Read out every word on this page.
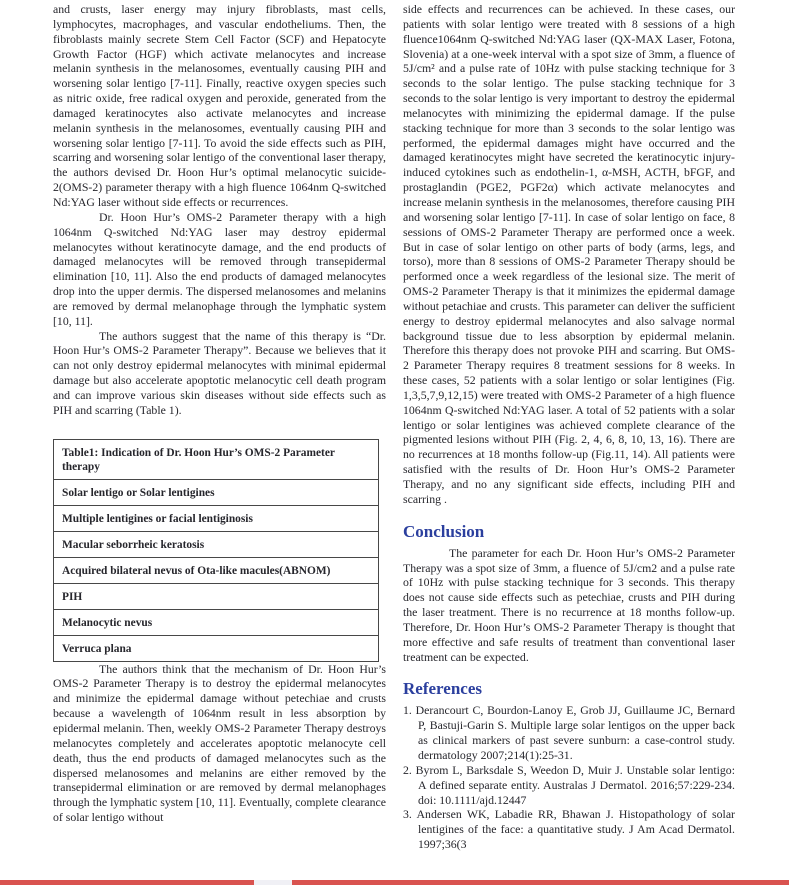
and crusts, laser energy may injury fibroblasts, mast cells, lymphocytes, macrophages, and vascular endotheliums. Then, the fibroblasts mainly secrete Stem Cell Factor (SCF) and Hepatocyte Growth Factor (HGF) which activate melanocytes and increase melanin synthesis in the melanosomes, eventually causing PIH and worsening solar lentigo [7-11]. Finally, reactive oxygen species such as nitric oxide, free radical oxygen and peroxide, generated from the damaged keratinocytes also activate melanocytes and increase melanin synthesis in the melanosomes, eventually causing PIH and worsening solar lentigo [7-11]. To avoid the side effects such as PIH, scarring and worsening solar lentigo of the conventional laser therapy, the authors devised Dr. Hoon Hur’s optimal melanocytic suicide-2(OMS-2) parameter therapy with a high fluence 1064nm Q-switched Nd:YAG laser without side effects or recurrences.

Dr. Hoon Hur’s OMS-2 Parameter therapy with a high 1064nm Q-switched Nd:YAG laser may destroy epidermal melanocytes without keratinocyte damage, and the end products of damaged melanocytes will be removed through transepidermal elimination [10, 11]. Also the end products of damaged melanocytes drop into the upper dermis. The dispersed melanosomes and melanins are removed by dermal melanophage through the lymphatic system [10, 11].

The authors suggest that the name of this therapy is “Dr. Hoon Hur’s OMS-2 Parameter Therapy”. Because we believes that it can not only destroy epidermal melanocytes with minimal epidermal damage but also accelerate apoptotic melanocytic cell death program and can improve various skin diseases without side effects such as PIH and scarring (Table 1).

Table1: Indication of Dr. Hoon Hur’s OMS-2 Parameter therapy
Solar lentigo or Solar lentigines
Multiple lentigines or facial lentiginosis
Macular seborrheic keratosis
Acquired bilateral nevus of Ota-like macules(ABNOM)
PIH
Melanocytic nevus
Verruca plana

The authors think that the mechanism of Dr. Hoon Hur’s OMS-2 Parameter Therapy is to destroy the epidermal melanocytes and minimize the epidermal damage without petechiae and crusts because a wavelength of 1064nm result in less absorption by epidermal melanin. Then, weekly OMS-2 Parameter Therapy destroys melanocytes completely and accelerates apoptotic melanocyte cell death, thus the end products of damaged melanocytes such as the dispersed melanosomes and melanins are either removed by the transepidermal elimination or are removed by dermal melanophages through the lymphatic system [10, 11]. Eventually, complete clearance of solar lentigo without

side effects and recurrences can be achieved. In these cases, our patients with solar lentigo were treated with 8 sessions of a high fluence1064nm Q-switched Nd:YAG laser (QX-MAX Laser, Fotona, Slovenia) at a one-week interval with a spot size of 3mm, a fluence of 5J/cm² and a pulse rate of 10Hz with pulse stacking technique for 3 seconds to the solar lentigo. The pulse stacking technique for 3 seconds to the solar lentigo is very important to destroy the epidermal melanocytes with minimizing the epidermal damage. If the pulse stacking technique for more than 3 seconds to the solar lentigo was performed, the epidermal damages might have occurred and the damaged keratinocytes might have secreted the keratinocytic injury-induced cytokines such as endothelin-1, α-MSH, ACTH, bFGF, and prostaglandin (PGE2, PGF2α) which activate melanocytes and increase melanin synthesis in the melanosomes, therefore causing PIH and worsening solar lentigo [7-11]. In case of solar lentigo on face, 8 sessions of OMS-2 Parameter Therapy are performed once a week. But in case of solar lentigo on other parts of body (arms, legs, and torso), more than 8 sessions of OMS-2 Parameter Therapy should be performed once a week regardless of the lesional size. The merit of OMS-2 Parameter Therapy is that it minimizes the epidermal damage without petachiae and crusts. This parameter can deliver the sufficient energy to destroy epidermal melanocytes and also salvage normal background tissue due to less absorption by epidermal melanin. Therefore this therapy does not provoke PIH and scarring. But OMS-2 Parameter Therapy requires 8 treatment sessions for 8 weeks. In these cases, 52 patients with a solar lentigo or solar lentigines (Fig. 1,3,5,7,9,12,15) were treated with OMS-2 Parameter of a high fluence 1064nm Q-switched Nd:YAG laser. A total of 52 patients with a solar lentigo or solar lentigines was achieved complete clearance of the pigmented lesions without PIH (Fig. 2, 4, 6, 8, 10, 13, 16). There are no recurrences at 18 months follow-up (Fig.11, 14). All patients were satisfied with the results of Dr. Hoon Hur’s OMS-2 Parameter Therapy, and no any significant side effects, including PIH and scarring .

Conclusion

The parameter for each Dr. Hoon Hur’s OMS-2 Parameter Therapy was a spot size of 3mm, a fluence of 5J/cm2 and a pulse rate of 10Hz with pulse stacking technique for 3 seconds. This therapy does not cause side effects such as petechiae, crusts and PIH during the laser treatment. There is no recurrence at 18 months follow-up. Therefore, Dr. Hoon Hur’s OMS-2 Parameter Therapy is thought that more effective and safe results of treatment than conventional laser treatment can be expected.

References
1. Derancourt C, Bourdon-Lanoy E, Grob JJ, Guillaume JC, Bernard P, Bastuji-Garin S. Multiple large solar lentigos on the upper back as clinical markers of past severe sunburn: a case-control study. dermatology 2007;214(1):25-31.
2. Byrom L, Barksdale S, Weedon D, Muir J. Unstable solar lentigo: A defined separate entity. Australas J Dermatol. 2016;57:229-234. doi: 10.1111/ajd.12447
3. Andersen WK, Labadie RR, Bhawan J. Histopathology of solar lentigines of the face: a quantitative study. J Am Acad Dermatol. 1997;36(3
